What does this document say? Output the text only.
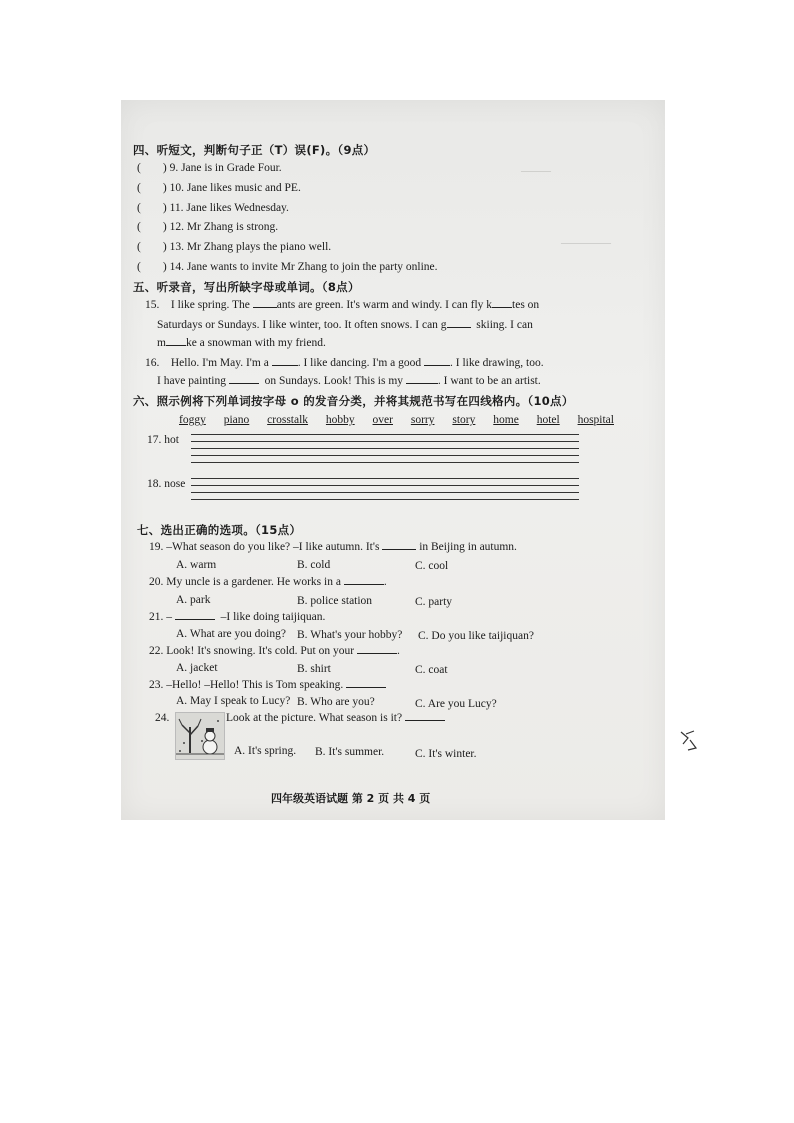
―――
―――――
四、听短文，判断句子正（T）误(F)。（9点）
( ) 9. Jane is in Grade Four.
( ) 10. Jane likes music and PE.
( ) 11. Jane likes Wednesday.
( ) 12. Mr Zhang is strong.
( ) 13. Mr Zhang plays the piano well.
( ) 14. Jane wants to invite Mr Zhang to join the party online.
五、听录音，写出所缺字母或单词。（8点）
15. I like spring. The ants are green. It's warm and windy. I can fly k tes on
Saturdays or Sundays. I like winter, too. It often snows. I can g	skiing. I can
m ke a snowman with my friend.
16. Hello. I'm May. I'm a	. I like dancing. I'm a good	. I like drawing, too.
I have painting	on Sundays. Look! This is my	. I want to be an artist.
六、照示例将下列单词按字母 o 的发音分类，并将其规范书写在四线格内。（10点）
foggy piano crosstalk hobby over sorry story home hotel hospital
17. hot
18. nose
七、选出正确的选项。（15点）
19. –What season do you like? –I like autumn. It's	in Beijing in autumn.
A. warm	B. cold	C. cool
20. My uncle is a gardener. He works in a	.
A. park	B. police station	C. party
21. –	–I like doing taijiquan.
A. What are you doing? B. What's your hobby? C. Do you like taijiquan?
22. Look! It's snowing. It's cold. Put on your	.
A. jacket	B. shirt	C. coat
23. –Hello! –Hello! This is Tom speaking.
A. May I speak to Lucy? B. Who are you?	C. Are you Lucy?
24.	Look at the picture. What season is it?
A. It's spring. B. It's summer.	C. It's winter.
四年级英语试题 第 2 页 共 4 页
